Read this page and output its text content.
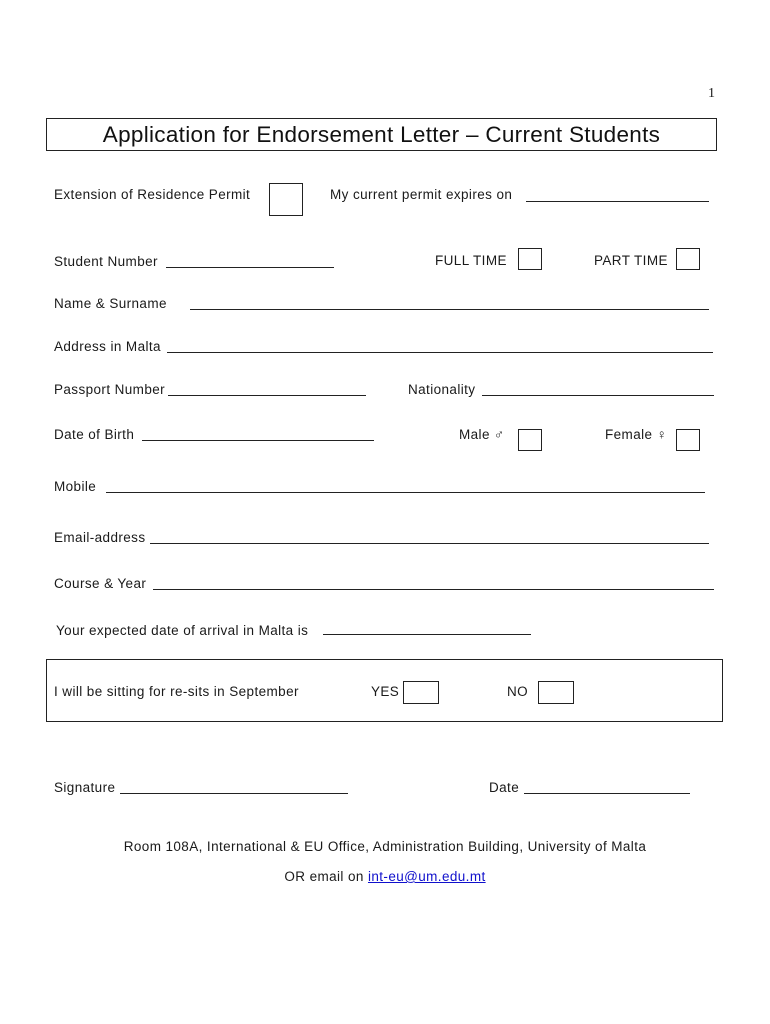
1
Application for Endorsement Letter – Current Students
Extension of Residence Permit	My current permit expires on
Student Number	FULL TIME	PART TIME
Name & Surname
Address in Malta
Passport Number	Nationality
Date of Birth	Male ♂	Female ♀
Mobile
Email-address
Course & Year
Your expected date of arrival in Malta is
I will be sitting for re-sits in September	YES	NO
Signature	Date
Room 108A, International & EU Office, Administration Building, University of Malta
OR email on int-eu@um.edu.mt
